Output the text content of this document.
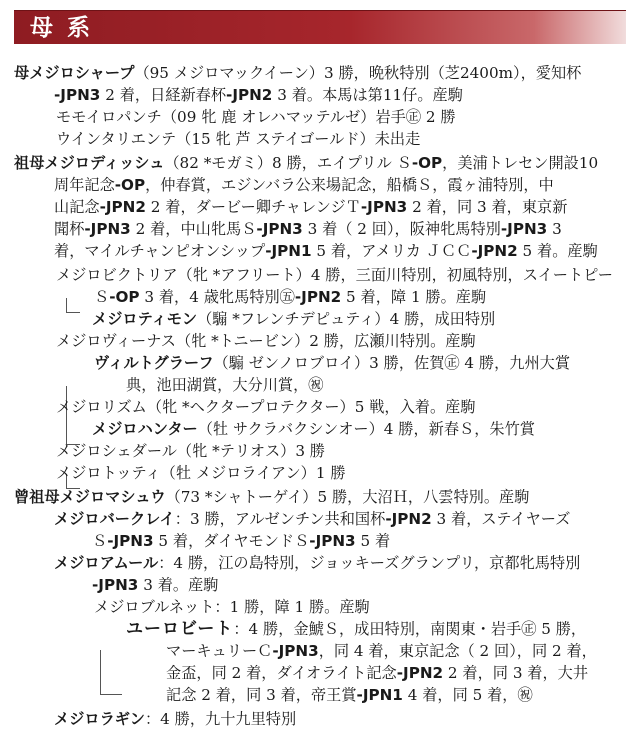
母系
母メジロシャープ（95 メジロマックイーン）3 勝，晩秋特別（芝2400m），愛知杯
-JPN3 2 着，日経新春杯-JPN2 3 着。本馬は第11仔。産駒
モモイロパンチ（09 牝 鹿 オレハマッテルゼ）岩手㊣ 2 勝
ウインタリエンテ（15 牝 芦 ステイゴールド）未出走
祖母メジロディッシュ（82 *モガミ）8 勝，エイプリル Ｓ-OP，美浦トレセン開設10
周年記念-OP，仲春賞，エジンバラ公来場記念，船橋Ｓ，霞ヶ浦特別，中
山記念-JPN2 2 着，ダービー卿チャレンジＴ-JPN3 2 着，同 3 着，東京新
聞杯-JPN3 2 着，中山牝馬Ｓ-JPN3 3 着（ 2 回），阪神牝馬特別-JPN3 3
着，マイルチャンピオンシップ-JPN1 5 着，アメリカ ＪＣＣ-JPN2 5 着。産駒
メジロビクトリア（牝 *アフリート）4 勝，三面川特別，初風特別，スイートピー
Ｓ-OP 3 着，4 歳牝馬特別㊄-JPN2 5 着，障 1 勝。産駒
メジロティモン（騸 *フレンチデピュティ）4 勝，成田特別
メジロヴィーナス（牝 *トニービン）2 勝，広瀬川特別。産駒
ヴィルトグラーフ（騸 ゼンノロブロイ）3 勝，佐賀㊣ 4 勝，九州大賞
典，池田湖賞，大分川賞，㊗
メジロリズム（牝 *ヘクタープロテクター）5 戦，入着。産駒
メジロハンター（牡 サクラバクシンオー）4 勝，新春Ｓ，朱竹賞
メジロシェダール（牝 *テリオス）3 勝
メジロトッティ（牡 メジロライアン）1 勝
曾祖母メジロマシュウ（73 *シャトーゲイ）5 勝，大沼Ｈ，八雲特別。産駒
メジロバークレイ：3 勝，アルゼンチン共和国杯-JPN2 3 着，ステイヤーズ
Ｓ-JPN3 5 着，ダイヤモンドＳ-JPN3 5 着
メジロアムール：4 勝，江の島特別，ジョッキーズグランプリ，京都牝馬特別
-JPN3 3 着。産駒
メジロブルネット：1 勝，障 1 勝。産駒
ユーロビート：4 勝，金鯱Ｓ，成田特別，南関東・岩手㊣ 5 勝，
マーキュリーＣ-JPN3，同 4 着，東京記念（ 2 回），同 2 着，
金盃，同 2 着，ダイオライト記念-JPN2 2 着，同 3 着，大井
記念 2 着，同 3 着，帝王賞-JPN1 4 着，同 5 着，㊗
メジロラギン：4 勝，九十九里特別
